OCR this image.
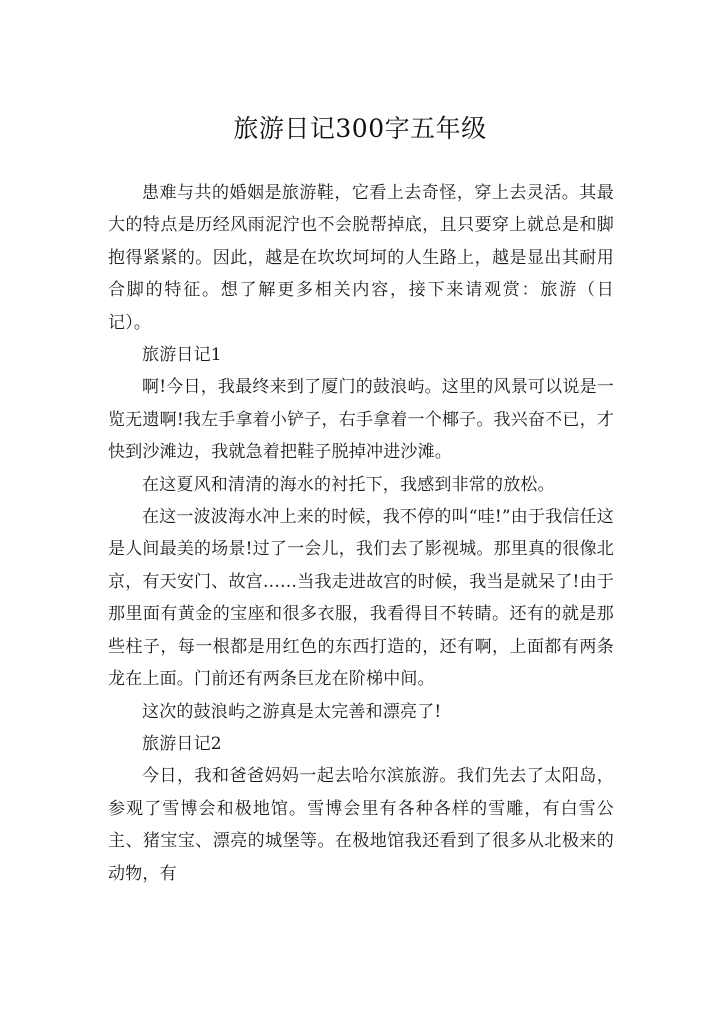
旅游日记300字五年级

患难与共的婚姻是旅游鞋，它看上去奇怪，穿上去灵活。其最大的特点是历经风雨泥泞也不会脱帮掉底，且只要穿上就总是和脚抱得紧紧的。因此，越是在坎坎坷坷的人生路上，越是显出其耐用合脚的特征。想了解更多相关内容，接下来请观赏：旅游（日记）。

旅游日记1

啊!今日，我最终来到了厦门的鼓浪屿。这里的风景可以说是一览无遗啊!我左手拿着小铲子，右手拿着一个椰子。我兴奋不已，才快到沙滩边，我就急着把鞋子脱掉冲进沙滩。

在这夏风和清清的海水的衬托下，我感到非常的放松。

在这一波波海水冲上来的时候，我不停的叫“哇!”由于我信任这是人间最美的场景!过了一会儿，我们去了影视城。那里真的很像北京，有天安门、故宫……当我走进故宫的时候，我当是就呆了!由于那里面有黄金的宝座和很多衣服，我看得目不转睛。还有的就是那些柱子，每一根都是用红色的东西打造的，还有啊，上面都有两条龙在上面。门前还有两条巨龙在阶梯中间。

这次的鼓浪屿之游真是太完善和漂亮了!

旅游日记2

今日，我和爸爸妈妈一起去哈尔滨旅游。我们先去了太阳岛，参观了雪博会和极地馆。雪博会里有各种各样的雪雕，有白雪公主、猪宝宝、漂亮的城堡等。在极地馆我还看到了很多从北极来的动物，有
